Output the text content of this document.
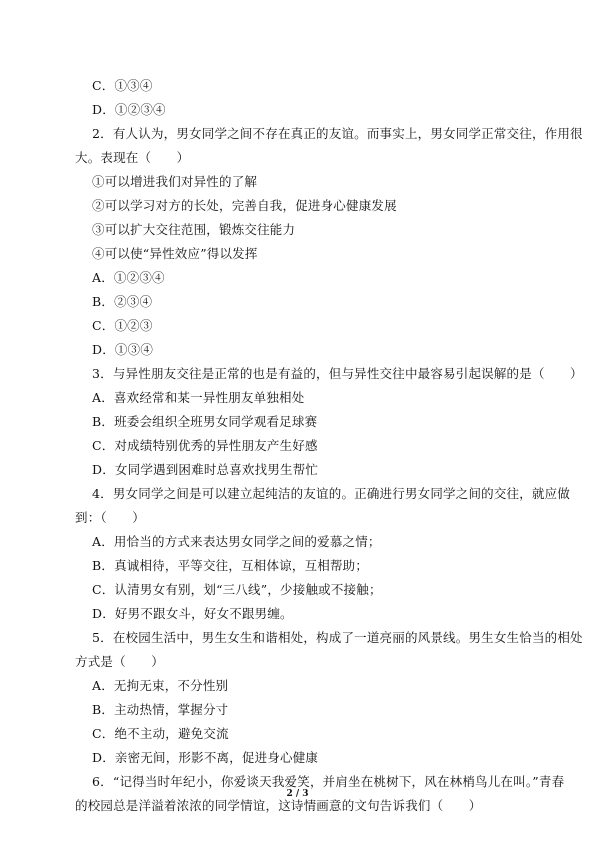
C．①③④
D．①②③④
2．有人认为，男女同学之间不存在真正的友谊。而事实上，男女同学正常交往，作用很
大。表现在（　　）
①可以增进我们对异性的了解
②可以学习对方的长处，完善自我，促进身心健康发展
③可以扩大交往范围，锻炼交往能力
④可以使“异性效应”得以发挥
A．①②③④
B．②③④
C．①②③
D．①③④
3．与异性朋友交往是正常的也是有益的，但与异性交往中最容易引起误解的是（　　）
A．喜欢经常和某一异性朋友单独相处
B．班委会组织全班男女同学观看足球赛
C．对成绩特别优秀的异性朋友产生好感
D．女同学遇到困难时总喜欢找男生帮忙
4．男女同学之间是可以建立起纯洁的友谊的。正确进行男女同学之间的交往，就应做
到：（　　）
A．用恰当的方式来表达男女同学之间的爱慕之情；
B．真诚相待，平等交往，互相体谅，互相帮助；
C．认清男女有别，划“三八线”，少接触或不接触；
D．好男不跟女斗，好女不跟男缠。
5．在校园生活中，男生女生和谐相处，构成了一道亮丽的风景线。男生女生恰当的相处
方式是（　　）
A．无拘无束，不分性别
B．主动热情，掌握分寸
C．绝不主动，避免交流
D．亲密无间，形影不离，促进身心健康
6．“记得当时年纪小，你爱谈天我爱笑，并肩坐在桃树下，风在林梢鸟儿在叫。”青春
的校园总是洋溢着浓浓的同学情谊，这诗情画意的文句告诉我们（　　）
2 / 3
